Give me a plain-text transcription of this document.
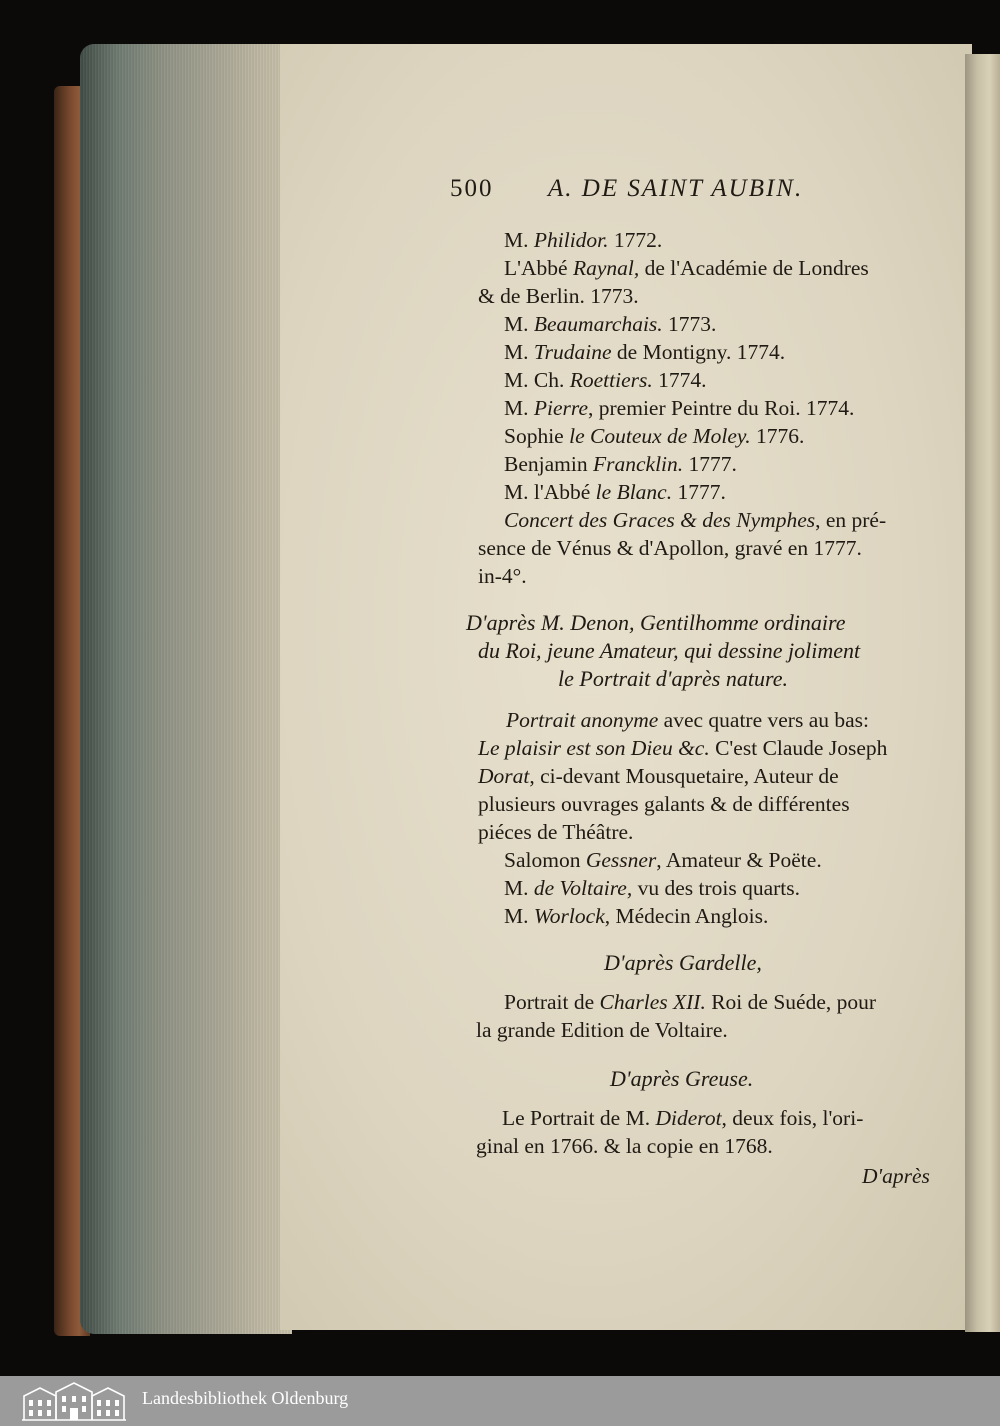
500 A. DE SAINT AUBIN.
M. Philidor. 1772.
L'Abbé Raynal, de l'Académie de Londres
& de Berlin. 1773.
M. Beaumarchais. 1773.
M. Trudaine de Montigny. 1774.
M. Ch. Roettiers. 1774.
M. Pierre, premier Peintre du Roi. 1774.
Sophie le Couteux de Moley. 1776.
Benjamin Francklin. 1777.
M. l'Abbé le Blanc. 1777.
Concert des Graces & des Nymphes, en pré-
sence de Vénus & d'Apollon, gravé en 1777.
in-4°.
D'après M. Denon, Gentilhomme ordinaire
du Roi, jeune Amateur, qui dessine joliment
le Portrait d'après nature.
Portrait anonyme avec quatre vers au bas:
Le plaisir est son Dieu &c. C'est Claude Joseph
Dorat, ci-devant Mousquetaire, Auteur de
plusieurs ouvrages galants & de différentes
piéces de Théâtre.
Salomon Gessner, Amateur & Poëte.
M. de Voltaire, vu des trois quarts.
M. Worlock, Médecin Anglois.
D'après Gardelle,
Portrait de Charles XII. Roi de Suéde, pour
la grande Edition de Voltaire.
D'après Greuse.
Le Portrait de M. Diderot, deux fois, l'ori-
ginal en 1766. & la copie en 1768.
D'après
Landesbibliothek Oldenburg
